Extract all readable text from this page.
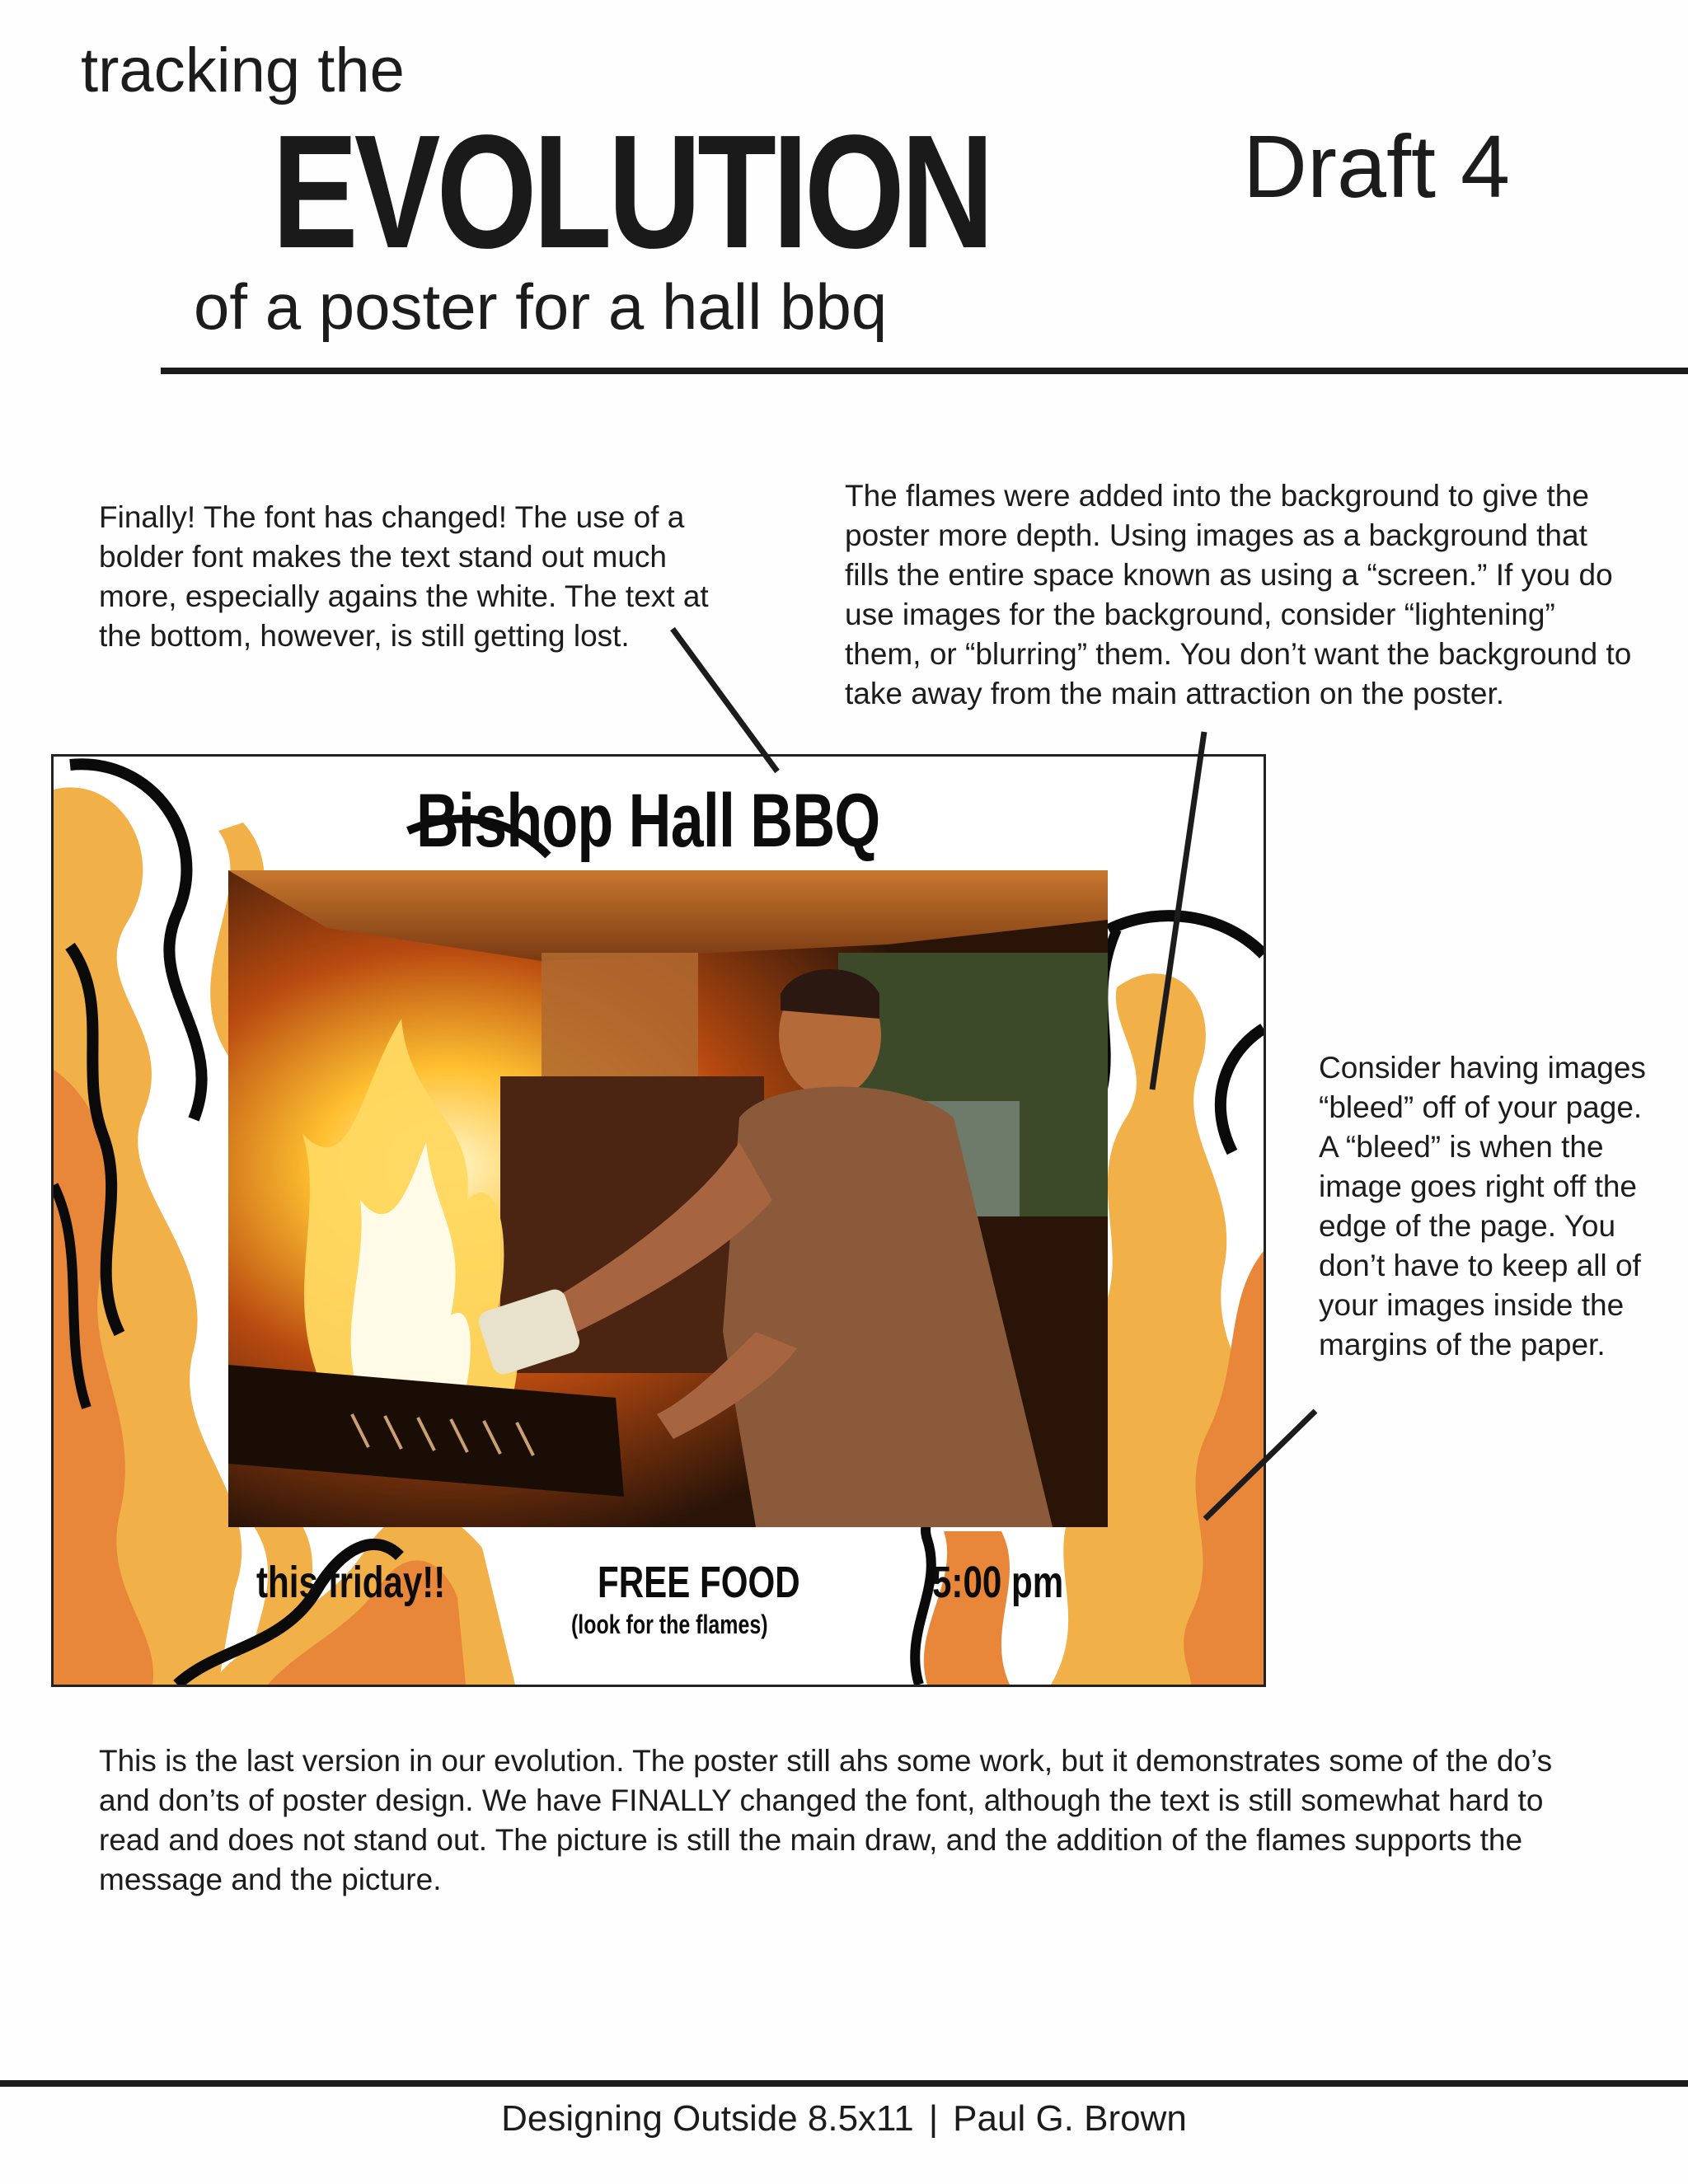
tracking the
EVOLUTION
of a poster for a hall bbq
Draft 4
Finally! The font has changed! The use of a bolder font makes the text stand out much more, especially agains the white. The text at the bottom, however, is still getting lost.
The flames were added into the background to give the poster more depth. Using images as a background that fills the entire space known as using a “screen.” If you do use images for the background, consider “lightening” them, or “blurring” them. You don’t want the background to take away from the main attraction on the poster.
Consider having images “bleed” off of your page. A “bleed” is when the image goes right off the edge of the page. You don’t have to keep all of your images inside the margins of the paper.
Bishop Hall BBQ
this friday!!	FREE FOOD
(look for the flames)
5:00 pm
This is the last version in our evolution. The poster still ahs some work, but it demonstrates some of the do’s and don’ts of poster design. We have FINALLY changed the font, although the text is still somewhat hard to read and does not stand out. The picture is still the main draw, and the addition of the flames supports the message and the picture.
Designing Outside 8.5x11 | Paul G. Brown
